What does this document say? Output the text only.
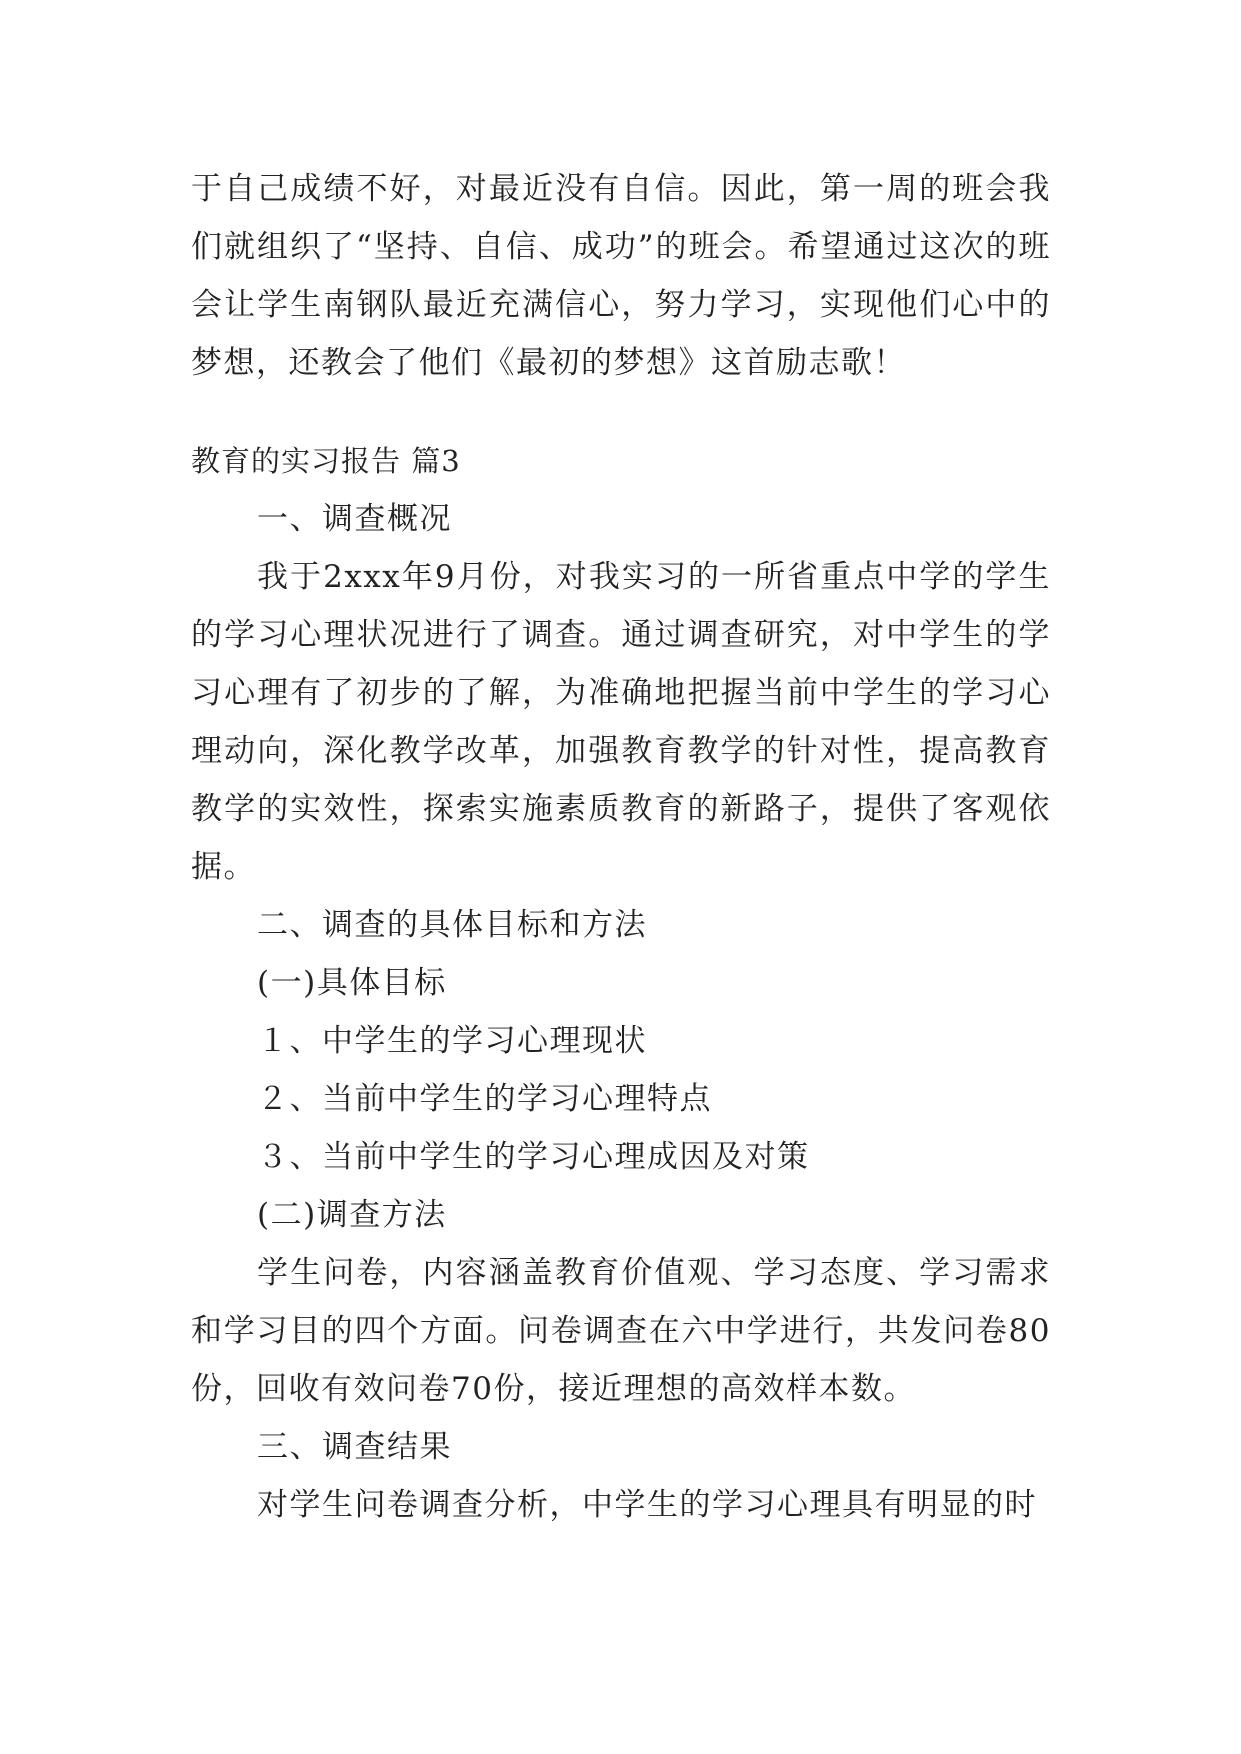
于自己成绩不好，对最近没有自信。因此，第一周的班会我们就组织了“坚持、自信、成功”的班会。希望通过这次的班会让学生南钢队最近充满信心，努力学习，实现他们心中的梦想，还教会了他们《最初的梦想》这首励志歌！

教育的实习报告 篇3

一、调查概况

我于2xxx年9月份，对我实习的一所省重点中学的学生的学习心理状况进行了调查。通过调查研究，对中学生的学习心理有了初步的了解，为准确地把握当前中学生的学习心理动向，深化教学改革，加强教育教学的针对性，提高教育教学的实效性，探索实施素质教育的新路子，提供了客观依据。

二、调查的具体目标和方法

(一)具体目标

１、中学生的学习心理现状

２、当前中学生的学习心理特点

３、当前中学生的学习心理成因及对策

(二)调查方法

学生问卷，内容涵盖教育价值观、学习态度、学习需求和学习目的四个方面。问卷调查在六中学进行，共发问卷80份，回收有效问卷70份，接近理想的高效样本数。

三、调查结果

对学生问卷调查分析，中学生的学习心理具有明显的时
